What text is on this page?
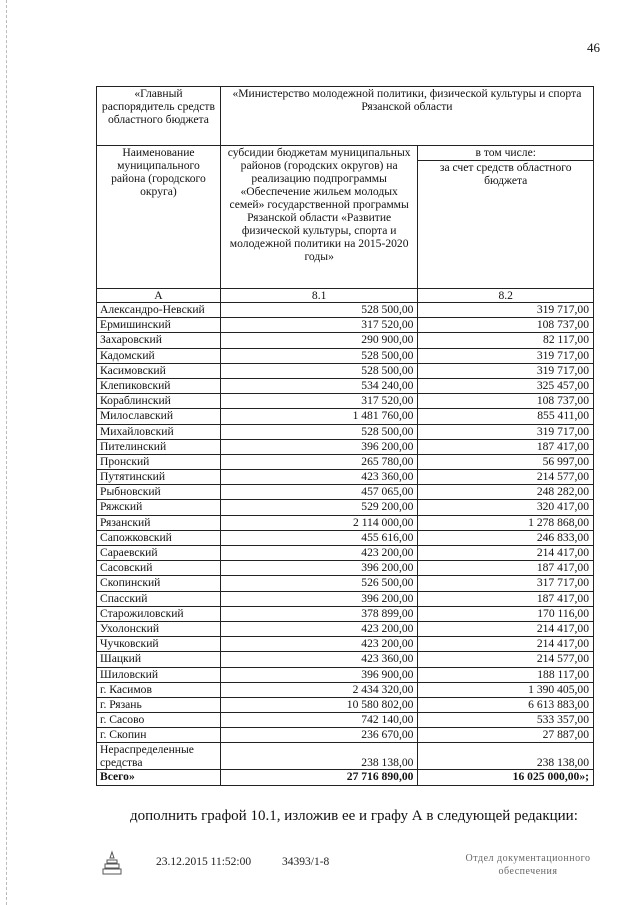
46
«Главный распорядитель средств областного бюджета	«Министерство молодежной политики, физической культуры и спорта Рязанской области	
Наименование муниципального района (городского округа)	субсидии бюджетам муниципальных районов (городских округов) на реализацию подпрограммы «Обеспечение жильем молодых семей» государственной программы Рязанской области «Развитие физической культуры, спорта и молодежной политики на 2015-2020 годы»	в том числе:
		за счет средств областного бюджета
А	8.1	8.2
Александро-Невский	528 500,00	319 717,00
Ермишинский	317 520,00	108 737,00
Захаровский	290 900,00	82 117,00
Кадомский	528 500,00	319 717,00
Касимовский	528 500,00	319 717,00
Клепиковский	534 240,00	325 457,00
Кораблинский	317 520,00	108 737,00
Милославский	1 481 760,00	855 411,00
Михайловский	528 500,00	319 717,00
Пителинский	396 200,00	187 417,00
Пронский	265 780,00	56 997,00
Путятинский	423 360,00	214 577,00
Рыбновский	457 065,00	248 282,00
Ряжский	529 200,00	320 417,00
Рязанский	2 114 000,00	1 278 868,00
Сапожковский	455 616,00	246 833,00
Сараевский	423 200,00	214 417,00
Сасовский	396 200,00	187 417,00
Скопинский	526 500,00	317 717,00
Спасский	396 200,00	187 417,00
Старожиловский	378 899,00	170 116,00
Ухолонский	423 200,00	214 417,00
Чучковский	423 200,00	214 417,00
Шацкий	423 360,00	214 577,00
Шиловский	396 900,00	188 117,00
г. Касимов	2 434 320,00	1 390 405,00
г. Рязань	10 580 802,00	6 613 883,00
г. Сасово	742 140,00	533 357,00
г. Скопин	236 670,00	27 887,00

Нераспределенные
средства	238 138,00	238 138,00
Всего»	27 716 890,00	16 025 000,00»;
дополнить графой 10.1, изложив ее и графу А в следующей редакции:
23.12.2015 11:52:00	34393/1-8	Отдел документационного
обеспечения
